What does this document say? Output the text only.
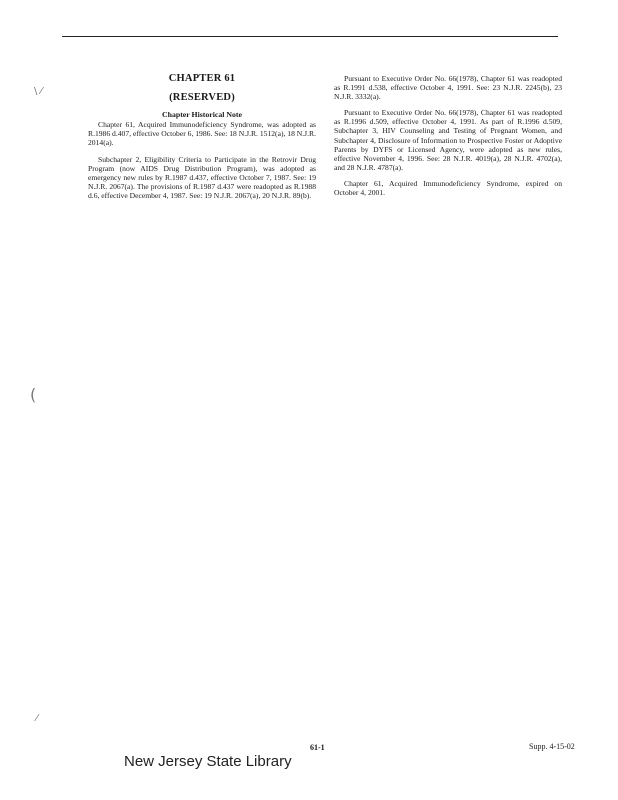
\ ⁄
(
⁄
CHAPTER 61
(RESERVED)
Chapter Historical Note

Chapter 61, Acquired Immunodeficiency Syndrome, was adopted as R.1986 d.407, effective October 6, 1986. See: 18 N.J.R. 1512(a), 18 N.J.R. 2014(a).

Subchapter 2, Eligibility Criteria to Participate in the Retrovir Drug Program (now AIDS Drug Distribution Program), was adopted as emergency new rules by R.1987 d.437, effective October 7, 1987. See: 19 N.J.R. 2067(a). The provisions of R.1987 d.437 were readopted as R.1988 d.6, effective December 4, 1987. See: 19 N.J.R. 2067(a), 20 N.J.R. 89(b).

Pursuant to Executive Order No. 66(1978), Chapter 61 was readopted as R.1991 d.538, effective October 4, 1991. See: 23 N.J.R. 2245(b), 23 N.J.R. 3332(a).

Pursuant to Executive Order No. 66(1978), Chapter 61 was readopted as R.1996 d.509, effective October 4, 1991. As part of R.1996 d.509, Subchapter 3, HIV Counseling and Testing of Pregnant Women, and Subchapter 4, Disclosure of Information to Prospective Foster or Adoptive Parents by DYFS or Licensed Agency, were adopted as new rules, effective November 4, 1996. See: 28 N.J.R. 4019(a), 28 N.J.R. 4702(a), and 28 N.J.R. 4787(a).

Chapter 61, Acquired Immunodeficiency Syndrome, expired on October 4, 2001.

61-1	Supp. 4-15-02
New Jersey State Library
